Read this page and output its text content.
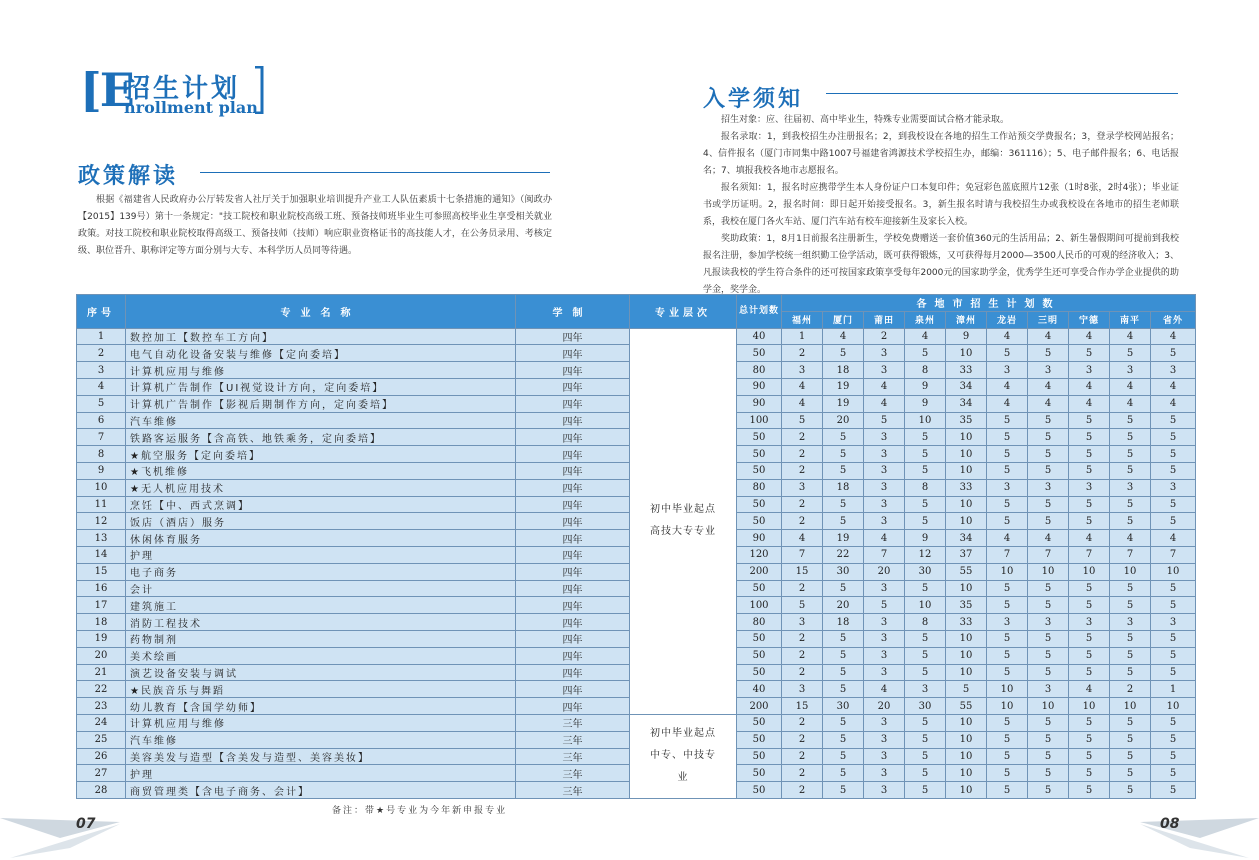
[E
招生计划
nrollment plan
政策解读

根据《福建省人民政府办公厅转发省人社厅关于加强职业培训提升产业工人队伍素质十七条措施的通知》（闽政办【2015】139号）第十一条规定："技工院校和职业院校高级工班、预备技师班毕业生可参照高校毕业生享受相关就业政策。对技工院校和职业院校取得高级工、预备技师（技师）响应职业资格证书的高技能人才，在公务员录用、考核定级、职位晋升、职称评定等方面分别与大专、本科学历人员同等待遇。

入学须知

招生对象：应、往届初、高中毕业生，特殊专业需要面试合格才能录取。

报名录取：1，到我校招生办注册报名；2，到我校设在各地的招生工作站预交学费报名；3，登录学校网站报名；4、信件报名（厦门市同集中路1007号福建省鸿源技术学校招生办，邮编：361116）；5、电子邮件报名；6、电话报名；7、填报我校各地市志愿报名。

报名须知：1，报名时应携带学生本人身份证户口本复印件；免冠彩色蓝底照片12张（1时8张，2时4张）；毕业证书或学历证明。2，报名时间：即日起开始接受报名。3，新生报名时请与我校招生办或我校设在各地市的招生老师联系，我校在厦门各火车站、厦门汽车站有校车迎接新生及家长入校。

奖助政策：1，8月1日前报名注册新生，学校免费赠送一套价值360元的生活用品；2、新生暑假期间可提前到我校报名注册，参加学校统一组织勤工俭学活动，既可获得锻炼，又可获得每月2000—3500人民币的可观的经济收入；3、凡报读我校的学生符合条件的还可按国家政策享受每年2000元的国家助学金，优秀学生还可享受合作办学企业提供的助学金，奖学金。

序号	专业名称	学制	专业层次	总计划数	各地市招生计划数									
					福州	厦门	莆田	泉州	漳州	龙岩	三明	宁德	南平	省外
1	数控加工【数控车工方向】	四年	初中毕业起点高技大专专业	40	1	4	2	4	9	4	4	4	4	4
2	电气自动化设备安装与维修【定向委培】	四年		50	2	5	3	5	10	5	5	5	5	5
3	计算机应用与维修	四年		80	3	18	3	8	33	3	3	3	3	3
4	计算机广告制作【UI视觉设计方向，定向委培】	四年		90	4	19	4	9	34	4	4	4	4	4
5	计算机广告制作【影视后期制作方向，定向委培】	四年		90	4	19	4	9	34	4	4	4	4	4
6	汽车维修	四年		100	5	20	5	10	35	5	5	5	5	5
7	铁路客运服务【含高铁、地铁乘务，定向委培】	四年		50	2	5	3	5	10	5	5	5	5	5
8	★航空服务【定向委培】	四年		50	2	5	3	5	10	5	5	5	5	5
9	★飞机维修	四年		50	2	5	3	5	10	5	5	5	5	5
10	★无人机应用技术	四年		80	3	18	3	8	33	3	3	3	3	3
11	烹饪【中、西式烹调】	四年		50	2	5	3	5	10	5	5	5	5	5
12	饭店（酒店）服务	四年		50	2	5	3	5	10	5	5	5	5	5
13	休闲体育服务	四年		90	4	19	4	9	34	4	4	4	4	4
14	护理	四年		120	7	22	7	12	37	7	7	7	7	7
15	电子商务	四年		200	15	30	20	30	55	10	10	10	10	10
16	会计	四年		50	2	5	3	5	10	5	5	5	5	5
17	建筑施工	四年		100	5	20	5	10	35	5	5	5	5	5
18	消防工程技术	四年		80	3	18	3	8	33	3	3	3	3	3
19	药物制剂	四年		50	2	5	3	5	10	5	5	5	5	5
20	美术绘画	四年		50	2	5	3	5	10	5	5	5	5	5
21	演艺设备安装与调试	四年		50	2	5	3	5	10	5	5	5	5	5
22	★民族音乐与舞蹈	四年		40	3	5	4	3	5	10	3	4	2	1
23	幼儿教育【含国学幼师】	四年		200	15	30	20	30	55	10	10	10	10	10
24	计算机应用与维修	三年	初中毕业起点中专、中技专业	50	2	5	3	5	10	5	5	5	5	5
25	汽车维修	三年		50	2	5	3	5	10	5	5	5	5	5
26	美容美发与造型【含美发与造型、美容美妆】	三年		50	2	5	3	5	10	5	5	5	5	5
27	护理	三年		50	2	5	3	5	10	5	5	5	5	5
28	商贸管理类【含电子商务、会计】	三年		50	2	5	3	5	10	5	5	5	5	5
备注：带★号专业为今年新申报专业
07	08
